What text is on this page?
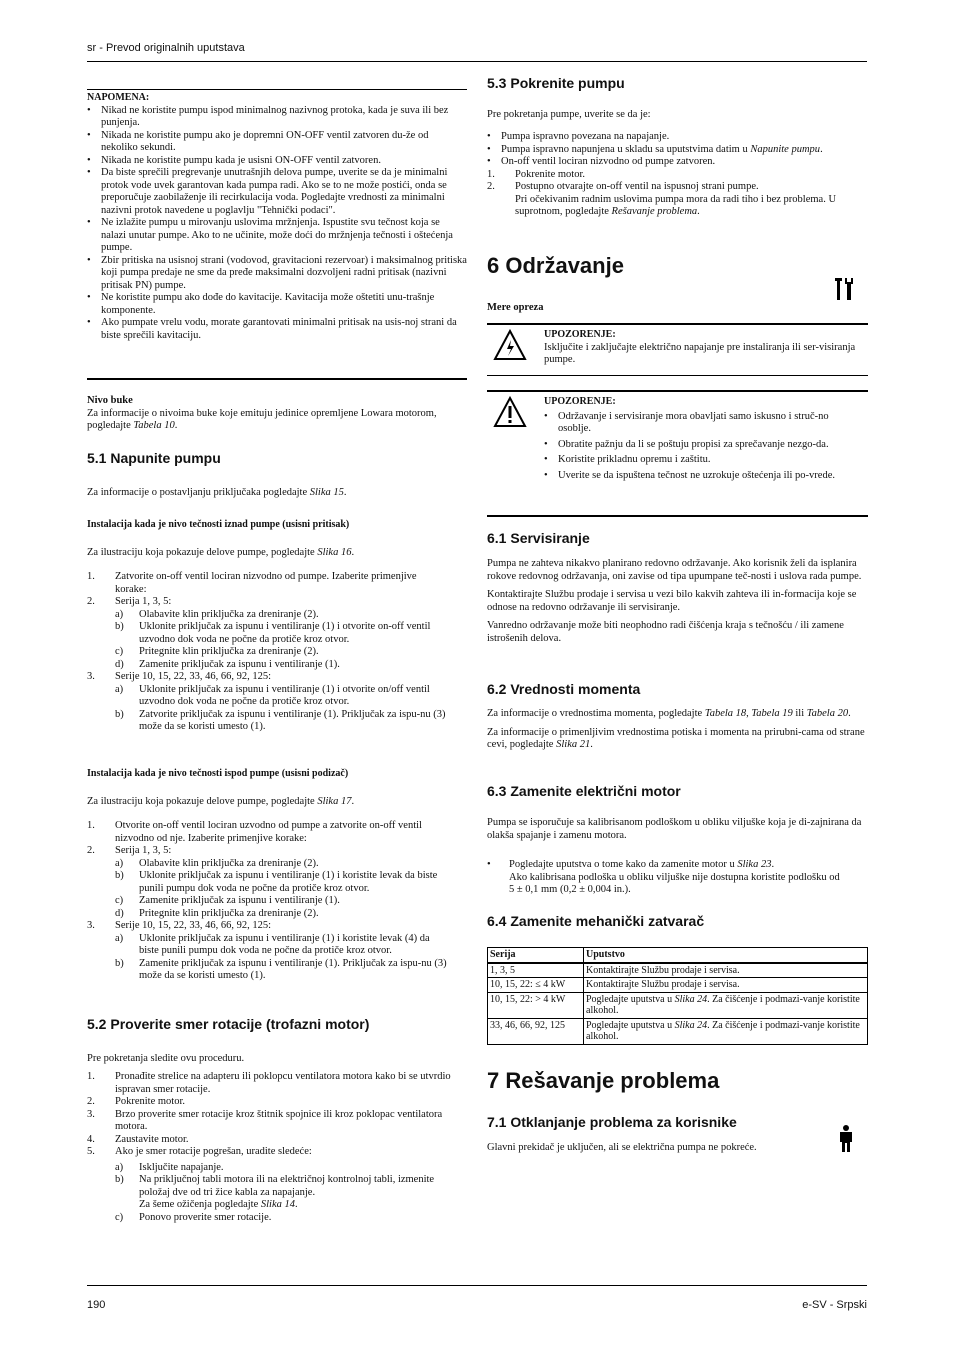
sr - Prevod originalnih uputstava
NAPOMENA:
• Nikad ne koristite pumpu ispod minimalnog nazivnog protoka, kada je suva ili bez punjenja.
• Nikada ne koristite pumpu ako je dopremni ON-OFF ventil zatvoren du-že od nekoliko sekundi.
• Nikada ne koristite pumpu kada je usisni ON-OFF ventil zatvoren.
• Da biste sprečili pregrevanje unutrašnjih delova pumpe, uverite se da je minimalni protok vode uvek garantovan kada pumpa radi. Ako se to ne može postići, onda se preporučuje zaobilaženje ili recirkulacija voda. Pogledajte vrednosti za minimalni nazivni protok navedene u poglavlju "Tehnički podaci".
• Ne izlažite pumpu u mirovanju uslovima mržnjenja. Ispustite svu tečnost koja se nalazi unutar pumpe. Ako to ne učinite, može doći do mržnjenja tečnosti i oštećenja pumpe.
• Zbir pritiska na usisnoj strani (vodovod, gravitacioni rezervoar) i maksimalnog pritiska koji pumpa predaje ne sme da pređe maksimalni dozvoljeni radni pritisak (nazivni pritisak PN) pumpe.
• Ne koristite pumpu ako dođe do kavitacije. Kavitacija može oštetiti unu-trašnje komponente.
• Ako pumpate vrelu vodu, morate garantovati minimalni pritisak na usis-noj strani da biste sprečili kavitaciju.
Nivo buke
Za informacije o nivoima buke koje emituju jedinice opremljene Lowara motorom, pogledajte Tabela 10.
5.1 Napunite pumpu
Za informacije o postavljanju priključaka pogledajte Slika 15.
Instalacija kada je nivo tečnosti iznad pumpe (usisni pritisak)
Za ilustraciju koja pokazuje delove pumpe, pogledajte Slika 16.
1. Zatvorite on-off ventil lociran nizvodno od pumpe. Izaberite primenjive korake:
2. Serija 1, 3, 5:
a) Olabavite klin priključka za dreniranje (2).
b) Uklonite priključak za ispunu i ventiliranje (1) i otvorite on-off ventil uzvodno dok voda ne počne da protiče kroz otvor.
c) Pritegnite klin priključka za dreniranje (2).
d) Zamenite priključak za ispunu i ventiliranje (1).
3. Serije 10, 15, 22, 33, 46, 66, 92, 125:
a) Uklonite priključak za ispunu i ventiliranje (1) i otvorite on/off ventil uzvodno dok voda ne počne da protiče kroz otvor.
b) Zatvorite priključak za ispunu i ventiliranje (1). Priključak za ispu-nu (3) može da se koristi umesto (1).
Instalacija kada je nivo tečnosti ispod pumpe (usisni podizač)
Za ilustraciju koja pokazuje delove pumpe, pogledajte Slika 17.
1. Otvorite on-off ventil lociran uzvodno od pumpe a zatvorite on-off ventil nizvodno od nje. Izaberite primenjive korake:
2. Serija 1, 3, 5:
a) Olabavite klin priključka za dreniranje (2).
b) Uklonite priključak za ispunu i ventiliranje (1) i koristite levak da biste punili pumpu dok voda ne počne da protiče kroz otvor.
c) Zamenite priključak za ispunu i ventiliranje (1).
d) Pritegnite klin priključka za dreniranje (2).
3. Serije 10, 15, 22, 33, 46, 66, 92, 125:
a) Uklonite priključak za ispunu i ventiliranje (1) i koristite levak (4) da biste punili pumpu dok voda ne počne da protiče kroz otvor.
b) Zamenite priključak za ispunu i ventiliranje (1). Priključak za ispu-nu (3) može da se koristi umesto (1).
5.2 Proverite smer rotacije (trofazni motor)
Pre pokretanja sledite ovu proceduru.
1. Pronađite strelice na adapteru ili poklopcu ventilatora motora kako bi se utvrdio ispravan smer rotacije.
2. Pokrenite motor.
3. Brzo proverite smer rotacije kroz štitnik spojnice ili kroz poklopac ventilatora motora.
4. Zaustavite motor.
5. Ako je smer rotacije pogrešan, uradite sledeće:
a) Isključite napajanje.
b) Na priključnoj tabli motora ili na električnoj kontrolnoj tabli, izmenite položaj dve od tri žice kabla za napajanje.
Za šeme ožičenja pogledajte Slika 14.
c) Ponovo proverite smer rotacije.
5.3 Pokrenite pumpu
Pre pokretanja pumpe, uverite se da je:
• Pumpa ispravno povezana na napajanje.
• Pumpa ispravno napunjena u skladu sa uputstvima datim u Napunite pumpu.
• On-off ventil lociran nizvodno od pumpe zatvoren.
1. Pokrenite motor.
2. Postupno otvarajte on-off ventil na ispusnoj strani pumpe.
Pri očekivanim radnim uslovima pumpa mora da radi tiho i bez problema. U suprotnom, pogledajte Rešavanje problema.
6 Održavanje
Mere opreza
UPOZORENJE:
Isključite i zaključajte električno napajanje pre instaliranja ili ser-visiranja pumpe.
UPOZORENJE:
• Održavanje i servisiranje mora obavljati samo iskusno i struč-no osoblje.
• Obratite pažnju da li se poštuju propisi za sprečavanje nezgo-da.
• Koristite prikladnu opremu i zaštitu.
• Uverite se da ispuštena tečnost ne uzrokuje oštećenja ili po-vrede.
6.1 Servisiranje
Pumpa ne zahteva nikakvo planirano redovno održavanje. Ako korisnik želi da isplanira rokove redovnog održavanja, oni zavise od tipa upumpane teč-nosti i uslova rada pumpe.
Kontaktirajte Službu prodaje i servisa u vezi bilo kakvih zahteva ili in-formacija koje se odnose na redovno održavanje ili servisiranje.
Vanredno održavanje može biti neophodno radi čišćenja kraja s tečnošću / ili zamene istrošenih delova.
6.2 Vrednosti momenta
Za informacije o vrednostima momenta, pogledajte Tabela 18, Tabela 19 ili Tabela 20.
Za informacije o primenljivim vrednostima potiska i momenta na prirubni-cama od strane cevi, pogledajte Slika 21.
6.3 Zamenite električni motor
Pumpa se isporučuje sa kalibrisanom podloškom u obliku viljuške koja je di-zajnirana da olakša spajanje i zamenu motora.
• Pogledajte uputstva o tome kako da zamenite motor u Slika 23.
Ako kalibrisana podloška u obliku viljuške nije dostupna koristite podlošku od 5 ± 0,1 mm (0,2 ± 0,004 in.).
6.4 Zamenite mehanički zatvarač
Serija	Uputstvo
1, 3, 5	Kontaktirajte Službu prodaje i servisa.
10, 15, 22: ≤ 4 kW	Kontaktirajte Službu prodaje i servisa.
10, 15, 22: > 4 kW	Pogledajte uputstva u Slika 24. Za čišćenje i podmazi-vanje koristite alkohol.
33, 46, 66, 92, 125	Pogledajte uputstva u Slika 24. Za čišćenje i podmazi-vanje koristite alkohol.
7 Rešavanje problema
7.1 Otklanjanje problema za korisnike
Glavni prekidač je uključen, ali se električna pumpa ne pokreće.
190	e-SV - Srpski
